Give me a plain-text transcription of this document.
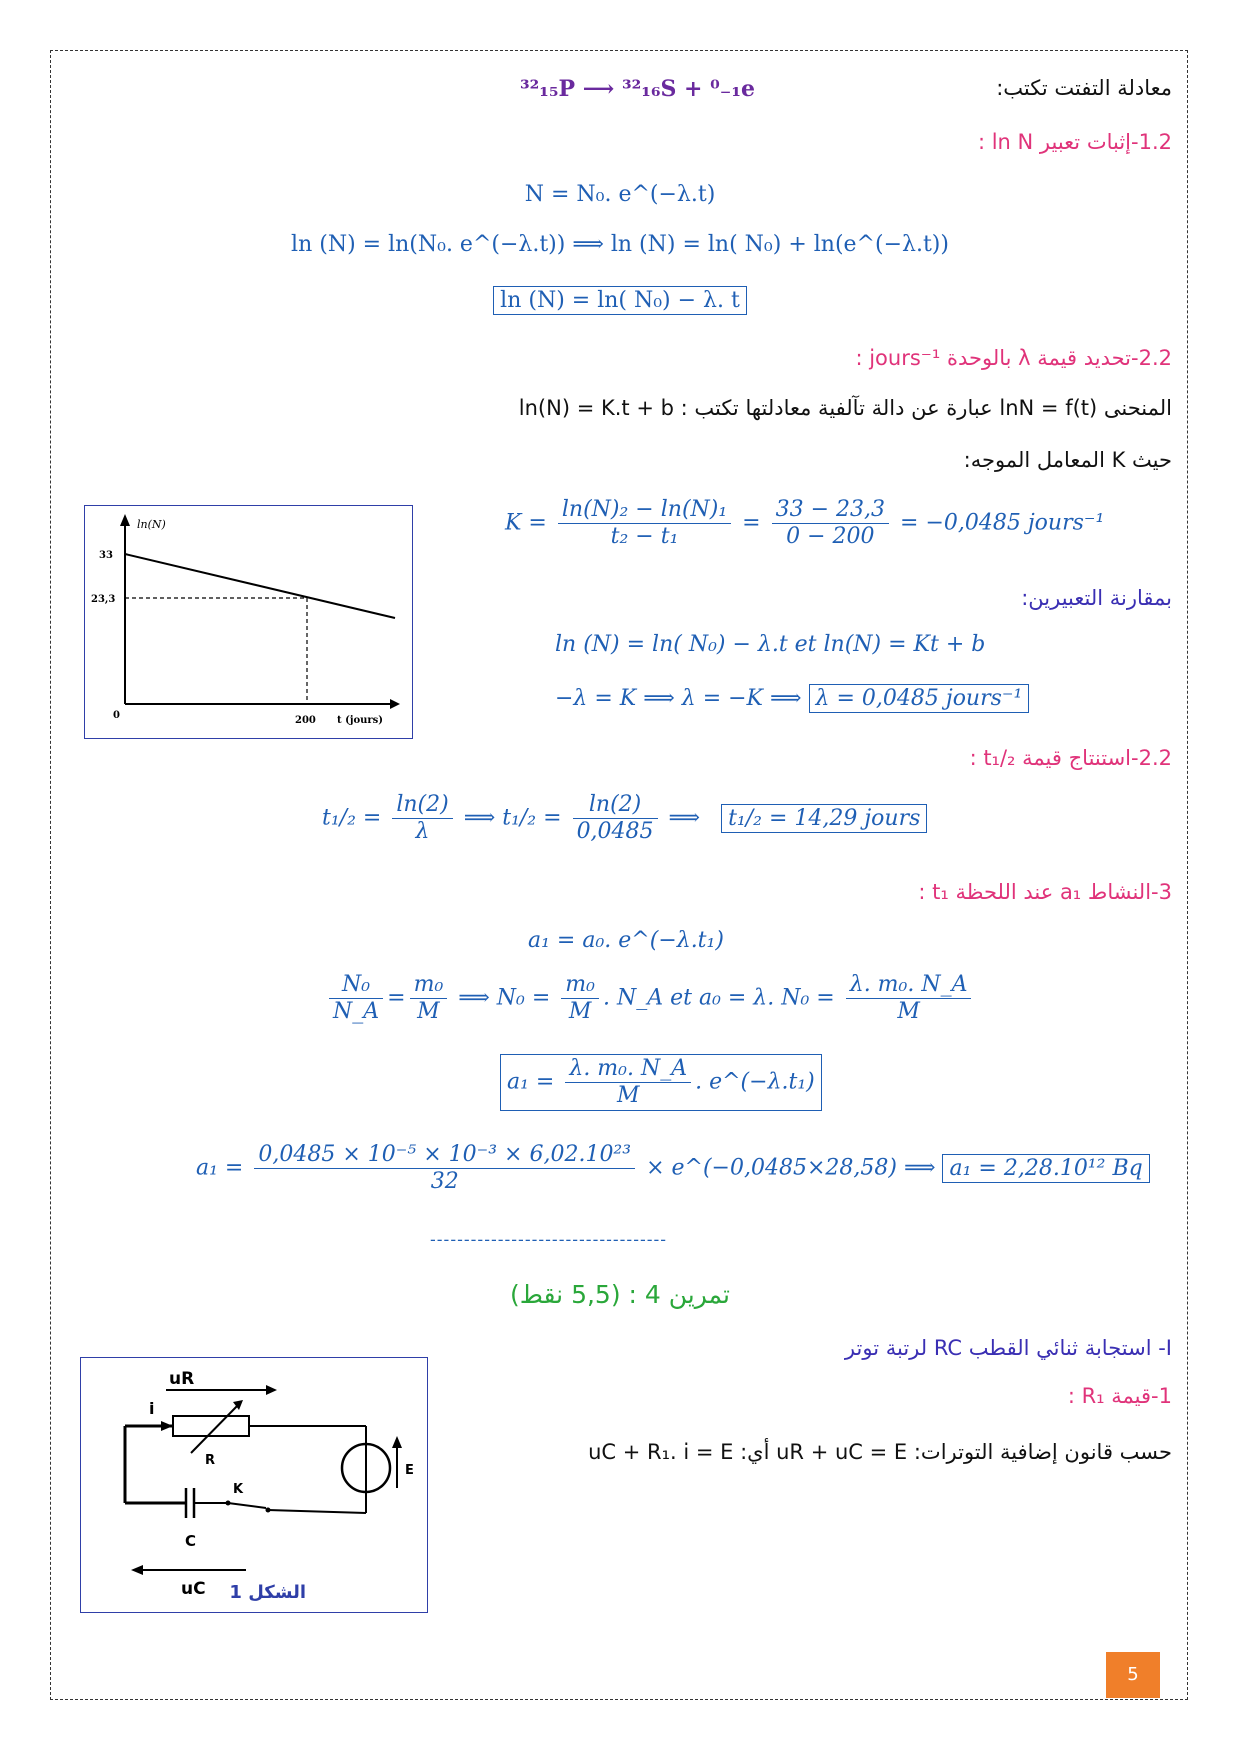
معادلة التفتت تكتب:
³²₁₅P ⟶ ³²₁₆S + ⁰₋₁e
1.2-إثبات تعبير ln N :
N = N₀. e^(−λ.t)
ln (N) = ln(N₀. e^(−λ.t)) ⟹ ln (N) = ln( N₀) + ln(e^(−λ.t))
ln (N) = ln( N₀) − λ. t
2.2-تحديد قيمة λ بالوحدة jours⁻¹ :
المنحنى lnN = f(t) عبارة عن دالة تآلفية معادلتها تكتب : ln(N) = K.t + b
حيث K المعامل الموجه:
$K = \frac{\text{ln(N)₂ − ln(N)₁}}{\text{t₂ − t₁}} = \frac{33 - 23,3}{0 - 200} = -0,0485$ jours⁻¹
ln(N)
33
23,3
0	200 t (jours)
بمقارنة التعبيرين:
ln (N) = ln( N₀) − λ.t et ln(N) = Kt + b
−λ = K ⟹ λ = −K ⟹ λ = 0,0485 jours⁻¹
2.2-استنتاج قيمة t₁/₂ :
$t_1/_2 = \frac{\ln(2)}{\lambda}$ ⟹ $t_1/_2 = \frac{\ln(2)}{0,0485}$ ⟹ t₁/₂ = 14,29 jours
3-النشاط a₁ عند اللحظة t₁ :
a₁ = a₀. e^(−λ.t₁)
$\frac{\text{N₀}}{N\_A} = \frac{\text{m₀}}{M}$ ⟹ $N_0 = \frac{\text{m₀}}{M}$ . N_A et a₀ = λ. $N_0 = \frac{\text{λ. m₀. N\_A}}{M}$
$a_1 = \frac{\text{λ. m₀. N\_A}}{M}$ . e^(−λ.t₁)
$a_1 = \frac{\text{0,0485 × 10⁻⁵ × 10⁻³ × 6,02.10²³}}{32}$ × e^(−0,0485×28,58) ⟹ a₁ = 2,28.10¹² Bq
-----------------------------------
تمرين 4 : (5,5 نقط)
I- استجابة ثنائي القطب RC لرتبة توتر
1-قيمة R₁ :
حسب قانون إضافية التوترات: uR + uC = E أي: uC + R₁. i = E
uR
i
R
E
K
C
uC الشكل 1
5
